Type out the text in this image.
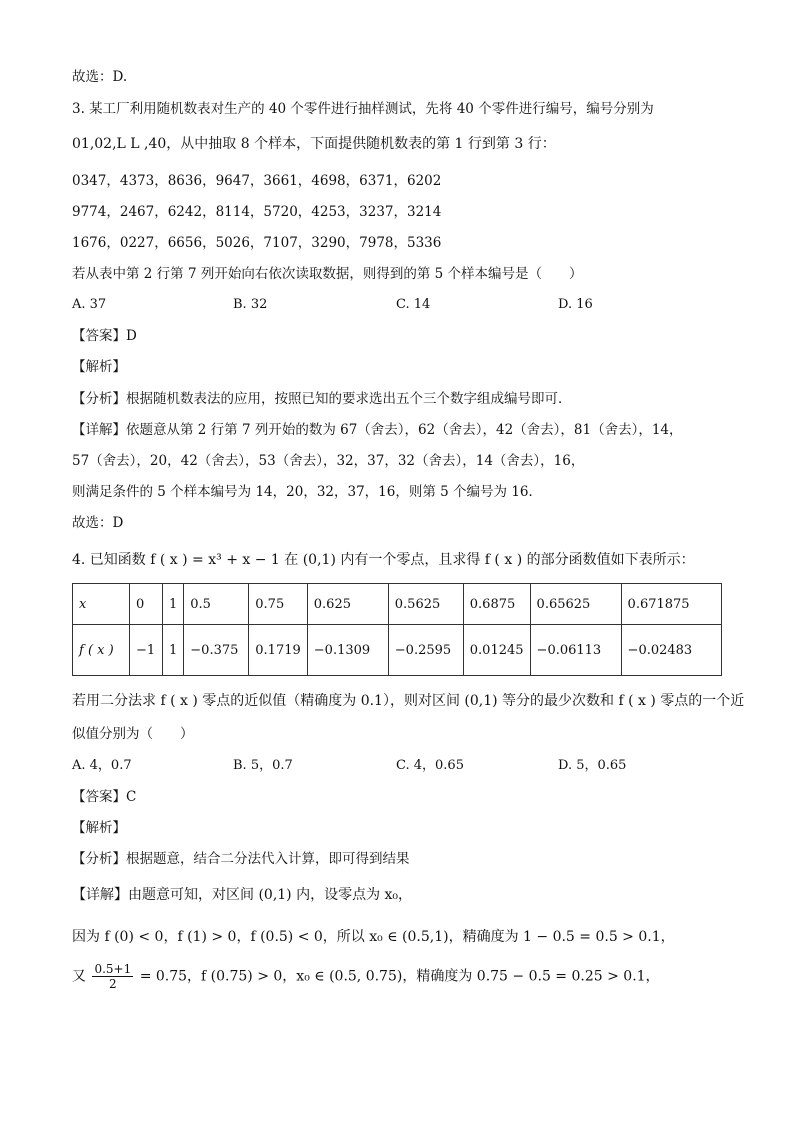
故选：D.
3. 某工厂利用随机数表对生产的 40 个零件进行抽样测试，先将 40 个零件进行编号，编号分别为
01,02,L L ,40，从中抽取 8 个样本，下面提供随机数表的第 1 行到第 3 行：
0347，4373，8636，9647，3661，4698，6371，6202
9774，2467，6242，8114，5720，4253，3237，3214
1676，0227，6656，5026，7107，3290，7978，5336
若从表中第 2 行第 7 列开始向右依次读取数据，则得到的第 5 个样本编号是（　　）
A. 37	B. 32	C. 14	D. 16
【答案】D
【解析】
【分析】根据随机数表法的应用，按照已知的要求选出五个三个数字组成编号即可．
【详解】依题意从第 2 行第 7 列开始的数为 67（舍去），62（舍去），42（舍去），81（舍去），14，
57（舍去），20，42（舍去），53（舍去），32，37，32（舍去），14（舍去），16，
则满足条件的 5 个样本编号为 14，20，32，37，16，则第 5 个编号为 16．
故选：D
4. 已知函数 f ( x ) = x³ + x − 1 在 (0,1) 内有一个零点，且求得 f ( x ) 的部分函数值如下表所示：
x	0	1	0.5	0.75	0.625	0.5625	0.6875	0.65625	0.671875
f ( x )	−1	1	−0.375	0.1719	−0.1309	−0.2595	0.01245	−0.06113	−0.02483
若用二分法求 f ( x ) 零点的近似值（精确度为 0.1），则对区间 (0,1) 等分的最少次数和 f ( x ) 零点的一个近
似值分别为（　　）
A. 4，0.7	B. 5，0.7	C. 4，0.65	D. 5，0.65
【答案】C
【解析】
【分析】根据题意，结合二分法代入计算，即可得到结果
【详解】由题意可知，对区间 (0,1) 内，设零点为 x₀，
因为 f (0) < 0，f (1) > 0，f (0.5) < 0，所以 x₀ ∈ (0.5,1)，精确度为 1 − 0.5 = 0.5 > 0.1，
又 $\frac{0.5+1}{2} = 0.75$，f (0.75) > 0，x₀ ∈ (0.5, 0.75)，精确度为 0.75 − 0.5 = 0.25 > 0.1，
